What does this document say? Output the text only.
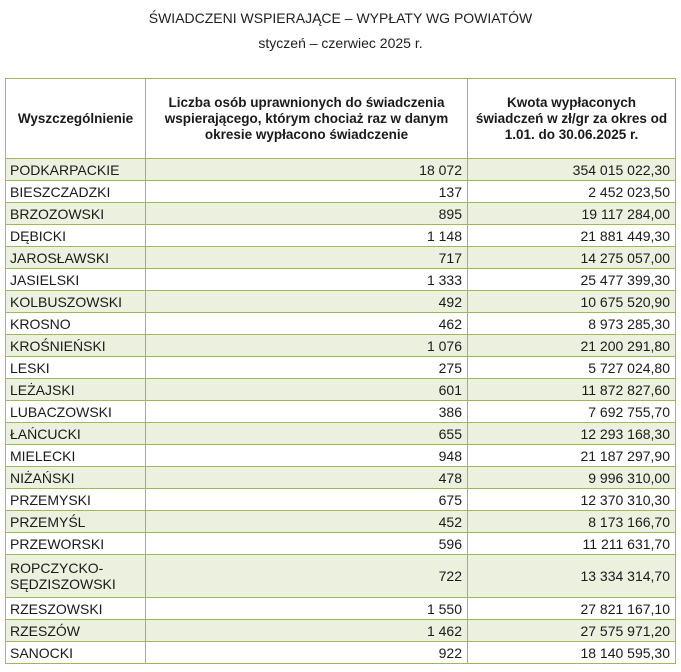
ŚWIADCZENI WSPIERAJĄCE – WYPŁATY WG POWIATÓW
styczeń – czerwiec 2025 r.
Wyszczególnienie	Liczba osób uprawnionych do świadczenia wspierającego, którym chociaż raz w danym okresie wypłacono świadczenie	Kwota wypłaconych świadczeń w zł/gr za okres od 1.01. do 30.06.2025 r.
PODKARPACKIE	18 072	354 015 022,30
BIESZCZADZKI	137	2 452 023,50
BRZOZOWSKI	895	19 117 284,00
DĘBICKI	1 148	21 881 449,30
JAROSŁAWSKI	717	14 275 057,00
JASIELSKI	1 333	25 477 399,30
KOLBUSZOWSKI	492	10 675 520,90
KROSNO	462	8 973 285,30
KROŚNIEŃSKI	1 076	21 200 291,80
LESKI	275	5 727 024,80
LEŻAJSKI	601	11 872 827,60
LUBACZOWSKI	386	7 692 755,70
ŁAŃCUCKI	655	12 293 168,30
MIELECKI	948	21 187 297,90
NIŻAŃSKI	478	9 996 310,00
PRZEMYSKI	675	12 370 310,30
PRZEMYŚL	452	8 173 166,70
PRZEWORSKI	596	11 211 631,70
ROPCZYCKO-SĘDZISZOWSKI	722	13 334 314,70
RZESZOWSKI	1 550	27 821 167,10
RZESZÓW	1 462	27 575 971,20
SANOCKI	922	18 140 595,30
